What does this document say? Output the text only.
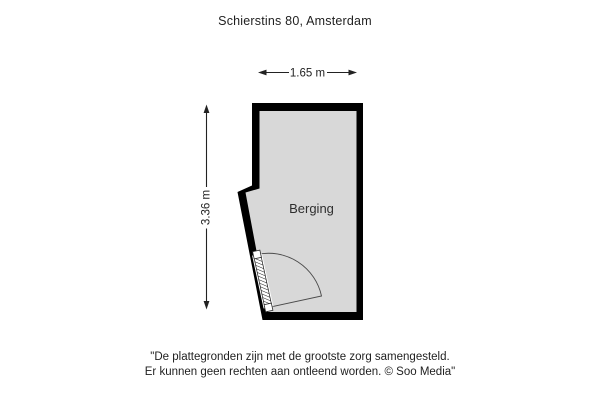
Schierstins 80, Amsterdam
Berging
1.65 m
3.36 m
"De plattegronden zijn met de grootste zorg samengesteld.
Er kunnen geen rechten aan ontleend worden. © Soo Media"
